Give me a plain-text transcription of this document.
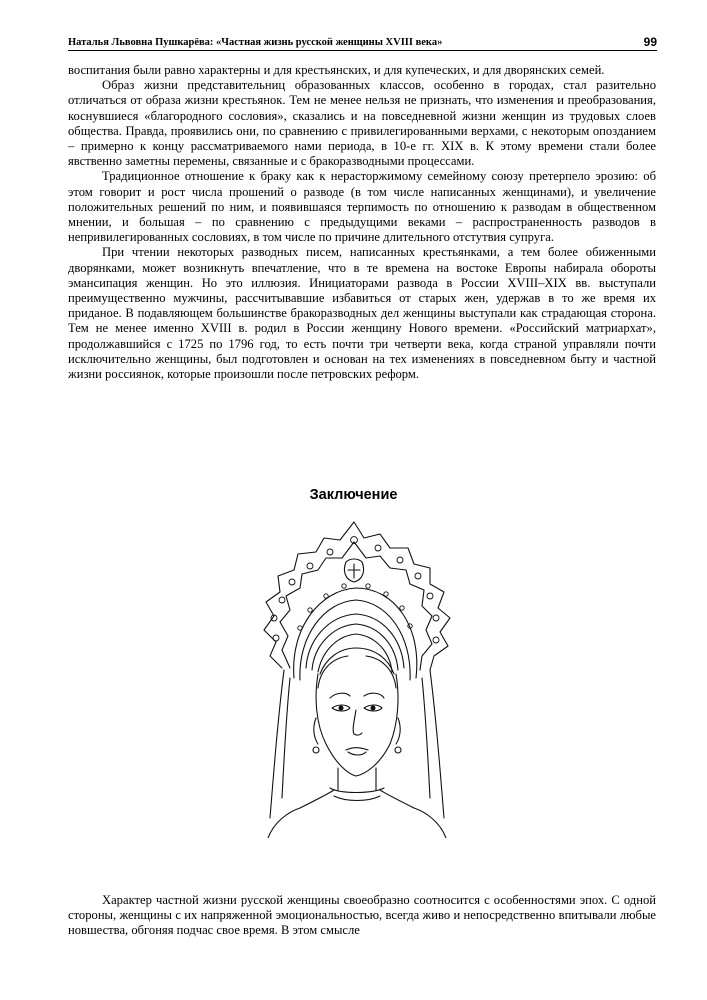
Наталья Львовна Пушкарёва: «Частная жизнь русской женщины XVIII века»	99

воспитания были равно характерны и для крестьянских, и для купеческих, и для дворянских семей.

Образ жизни представительниц образованных классов, особенно в городах, стал разительно отличаться от образа жизни крестьянок. Тем не менее нельзя не признать, что изменения и преобразования, коснувшиеся «благородного сословия», сказались и на повседневной жизни женщин из трудовых слоев общества. Правда, проявились они, по сравнению с привилегированными верхами, с некоторым опозданием – примерно к концу рассматриваемого нами периода, в 10-е гг. XIX в. К этому времени стали более явственно заметны перемены, связанные и с бракоразводными процессами.

Традиционное отношение к браку как к нерасторжимому семейному союзу претерпело эрозию: об этом говорит и рост числа прошений о разводе (в том числе написанных женщинами), и увеличение положительных решений по ним, и появившаяся терпимость по отношению к разводам в общественном мнении, и большая – по сравнению с предыдущими веками – распространенность разводов в непривилегированных сословиях, в том числе по причине длительного отстутвия супруга.

При чтении некоторых разводных писем, написанных крестьянками, а тем более обиженными дворянками, может возникнуть впечатление, что в те времена на востоке Европы набирала обороты эмансипация женщин. Но это иллюзия. Инициаторами развода в России XVIII–XIX вв. выступали преимущественно мужчины, рассчитывавшие избавиться от старых жен, удержав в то же время их приданое. В подавляющем большинстве бракоразводных дел женщины выступали как страдающая сторона. Тем не менее именно XVIII в. родил в России женщину Нового времени. «Российский матриархат», продолжавшийся с 1725 по 1796 год, то есть почти три четверти века, когда страной управляли почти исключительно женщины, был подготовлен и основан на тех изменениях в повседневном быту и частной жизни россиянок, которые произошли после петровских реформ.

Заключение

Характер частной жизни русской женщины своеобразно соотносится с особенностями эпох. С одной стороны, женщины с их напряженной эмоциональностью, всегда живо и непосредственно впитывали любые новшества, обгоняя подчас свое время. В этом смысле
